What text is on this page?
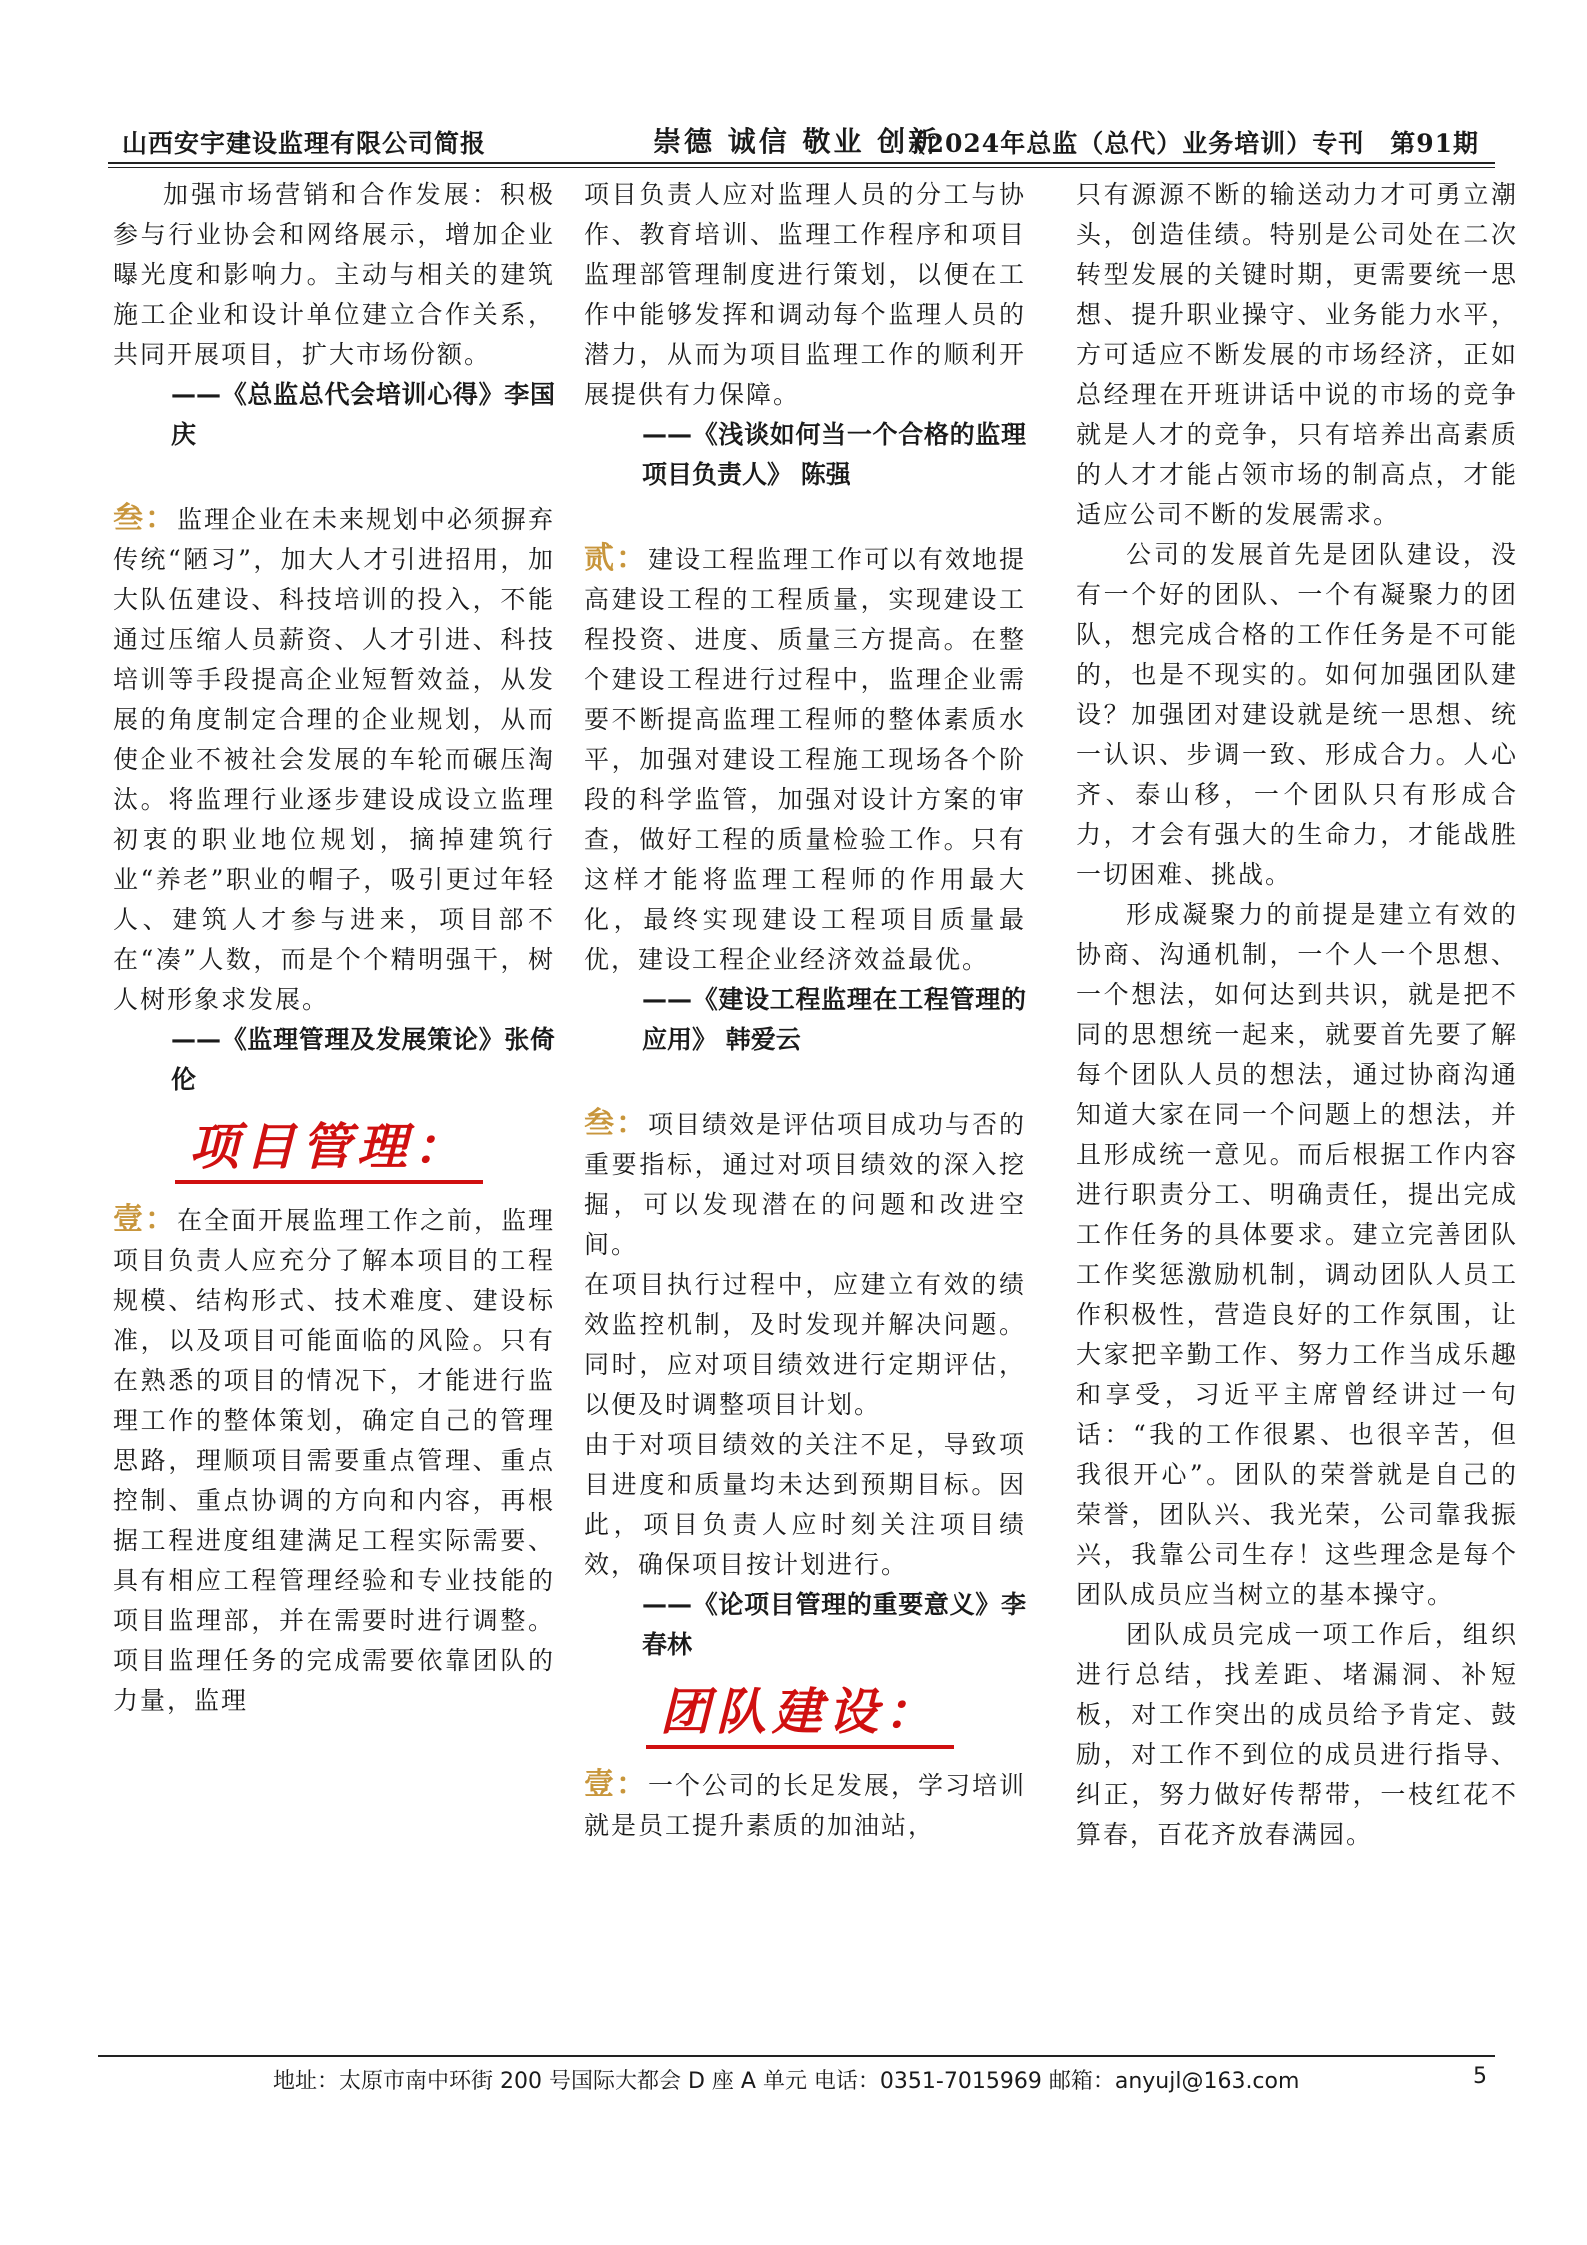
山西安宇建设监理有限公司简报	崇德 诚信 敬业 创新
（2024年总监（总代）业务培训）专刊　第91期

加强市场营销和合作发展：积极参与行业协会和网络展示，增加企业曝光度和影响力。主动与相关的建筑施工企业和设计单位建立合作关系，共同开展项目，扩大市场份额。

——《总监总代会培训心得》李国庆

叁：监理企业在未来规划中必须摒弃传统“陋习”，加大人才引进招用，加大队伍建设、科技培训的投入，不能通过压缩人员薪资、人才引进、科技培训等手段提高企业短暂效益，从发展的角度制定合理的企业规划，从而使企业不被社会发展的车轮而碾压淘汰。将监理行业逐步建设成设立监理初衷的职业地位规划，摘掉建筑行业“养老”职业的帽子，吸引更过年轻人、建筑人才参与进来，项目部不在“凑”人数，而是个个精明强干，树人树形象求发展。

——《监理管理及发展策论》张倚伦

项目管理：

壹：在全面开展监理工作之前，监理项目负责人应充分了解本项目的工程规模、结构形式、技术难度、建设标准，以及项目可能面临的风险。只有在熟悉的项目的情况下，才能进行监理工作的整体策划，确定自己的管理思路，理顺项目需要重点管理、重点控制、重点协调的方向和内容，再根据工程进度组建满足工程实际需要、具有相应工程管理经验和专业技能的项目监理部，并在需要时进行调整。项目监理任务的完成需要依靠团队的力量，监理

项目负责人应对监理人员的分工与协作、教育培训、监理工作程序和项目监理部管理制度进行策划，以便在工作中能够发挥和调动每个监理人员的潜力，从而为项目监理工作的顺利开展提供有力保障。

——《浅谈如何当一个合格的监理项目负责人》 陈强

贰：建设工程监理工作可以有效地提高建设工程的工程质量，实现建设工程投资、进度、质量三方提高。在整个建设工程进行过程中，监理企业需要不断提高监理工程师的整体素质水平，加强对建设工程施工现场各个阶段的科学监管，加强对设计方案的审查，做好工程的质量检验工作。只有这样才能将监理工程师的作用最大化，最终实现建设工程项目质量最优，建设工程企业经济效益最优。

——《建设工程监理在工程管理的应用》 韩爱云

叁：项目绩效是评估项目成功与否的重要指标，通过对项目绩效的深入挖掘，可以发现潜在的问题和改进空间。

在项目执行过程中，应建立有效的绩效监控机制，及时发现并解决问题。同时，应对项目绩效进行定期评估，以便及时调整项目计划。

由于对项目绩效的关注不足，导致项目进度和质量均未达到预期目标。因此，项目负责人应时刻关注项目绩效，确保项目按计划进行。

——《论项目管理的重要意义》李春林

团队建设：

壹：一个公司的长足发展，学习培训就是员工提升素质的加油站，

只有源源不断的输送动力才可勇立潮头，创造佳绩。特别是公司处在二次转型发展的关键时期，更需要统一思想、提升职业操守、业务能力水平，方可适应不断发展的市场经济，正如总经理在开班讲话中说的市场的竞争就是人才的竞争，只有培养出高素质的人才才能占领市场的制高点，才能适应公司不断的发展需求。

公司的发展首先是团队建设，没有一个好的团队、一个有凝聚力的团队，想完成合格的工作任务是不可能的，也是不现实的。如何加强团队建设？加强团对建设就是统一思想、统一认识、步调一致、形成合力。人心齐、泰山移，一个团队只有形成合力，才会有强大的生命力，才能战胜一切困难、挑战。

形成凝聚力的前提是建立有效的协商、沟通机制，一个人一个思想、一个想法，如何达到共识，就是把不同的思想统一起来，就要首先要了解每个团队人员的想法，通过协商沟通知道大家在同一个问题上的想法，并且形成统一意见。而后根据工作内容进行职责分工、明确责任，提出完成工作任务的具体要求。建立完善团队工作奖惩激励机制，调动团队人员工作积极性，营造良好的工作氛围，让大家把辛勤工作、努力工作当成乐趣和享受，习近平主席曾经讲过一句话：“我的工作很累、也很辛苦，但我很开心”。团队的荣誉就是自己的荣誉，团队兴、我光荣，公司靠我振兴，我靠公司生存！这些理念是每个团队成员应当树立的基本操守。

团队成员完成一项工作后，组织进行总结，找差距、堵漏洞、补短板，对工作突出的成员给予肯定、鼓励，对工作不到位的成员进行指导、纠正，努力做好传帮带，一枝红花不算春，百花齐放春满园。

地址：太原市南中环街 200 号国际大都会 D 座 A 单元 电话：0351-7015969 邮箱：anyujl@163.com	5
